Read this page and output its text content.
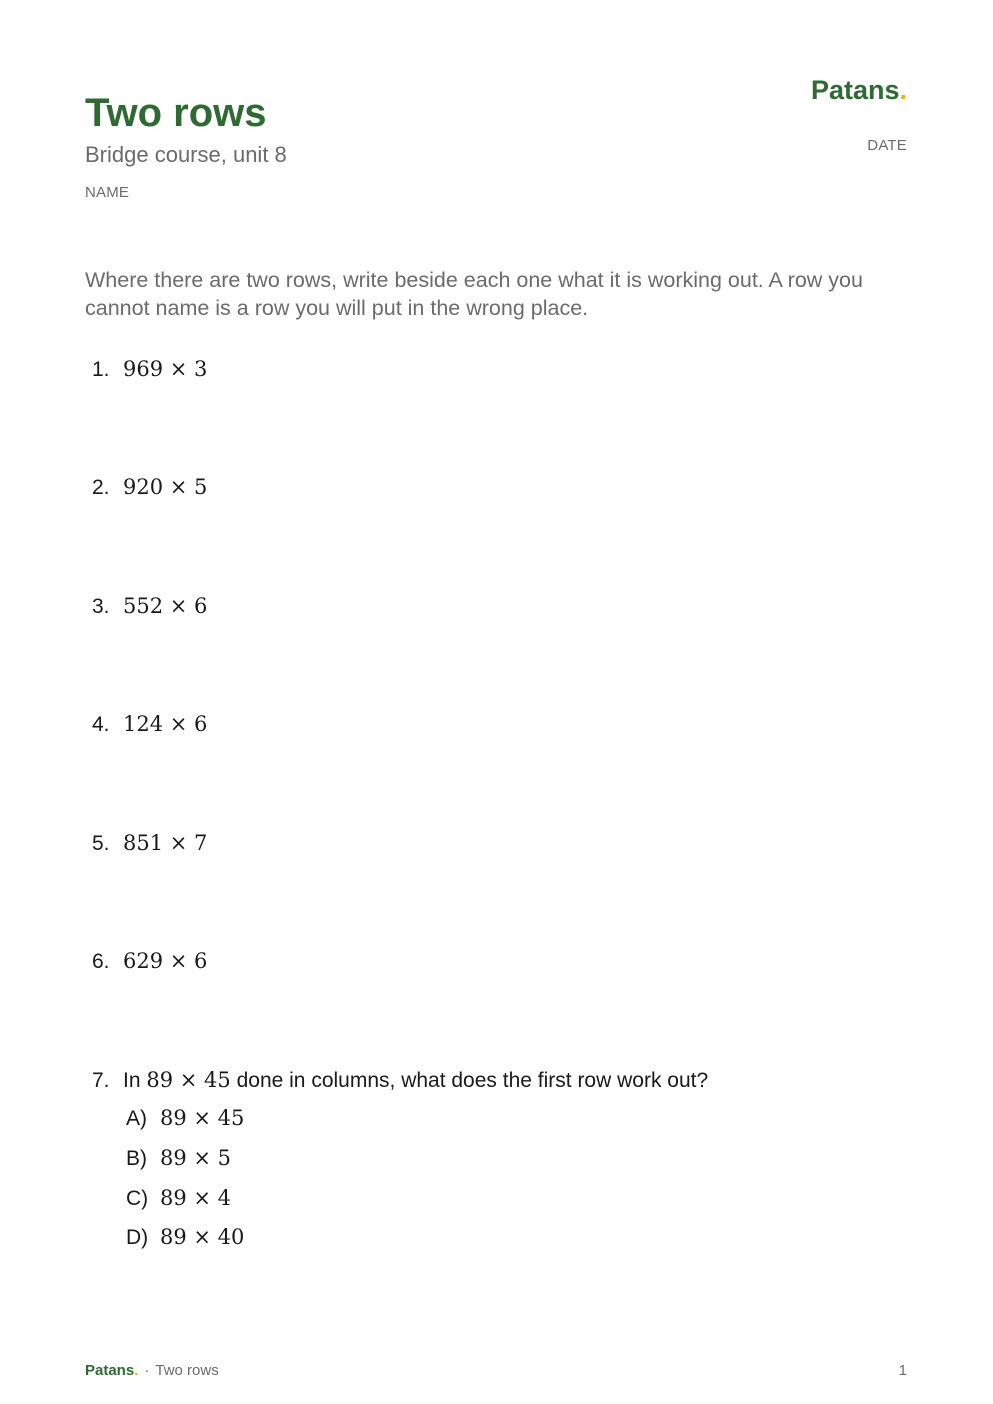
Two rows
Bridge course, unit 8
NAME
Patans.
DATE

Where there are two rows, write beside each one what it is working out. A row you cannot name is a row you will put in the wrong place.

1. 969 × 3
2. 920 × 5
3. 552 × 6
4. 124 × 6
5. 851 × 7
6. 629 × 6
7. In 89 × 45 done in columns, what does the first row work out?
A) 89 × 45
B) 89 × 5
C) 89 × 4
D) 89 × 40
Patans. · Two rows	1
